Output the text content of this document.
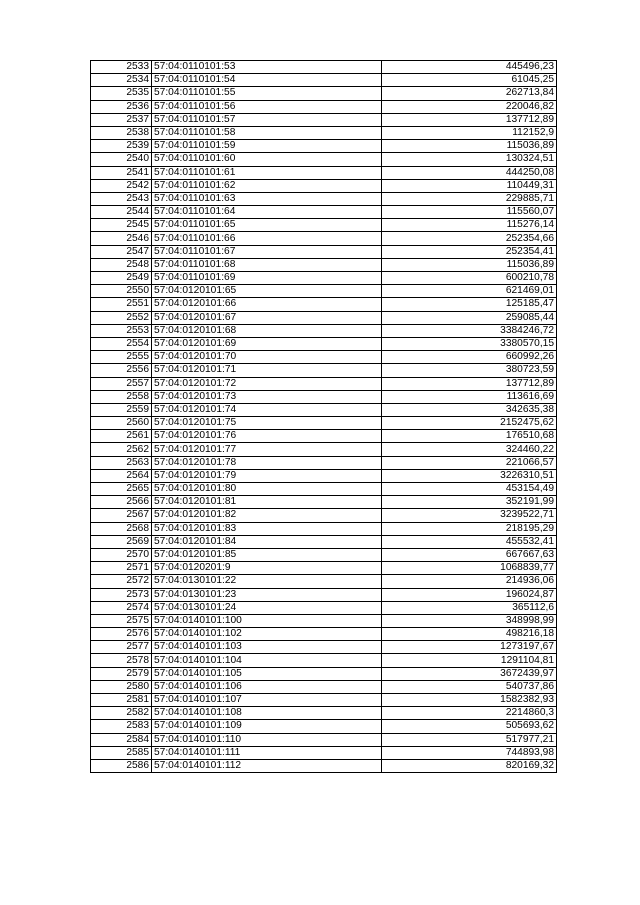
2533	57:04:0110101:53	445496,23
2534	57:04:0110101:54	61045,25
2535	57:04:0110101:55	262713,84
2536	57:04:0110101:56	220046,82
2537	57:04:0110101:57	137712,89
2538	57:04:0110101:58	112152,9
2539	57:04:0110101:59	115036,89
2540	57:04:0110101:60	130324,51
2541	57:04:0110101:61	444250,08
2542	57:04:0110101:62	110449,31
2543	57:04:0110101:63	229885,71
2544	57:04:0110101:64	115560,07
2545	57:04:0110101:65	115276,14
2546	57:04:0110101:66	252354,66
2547	57:04:0110101:67	252354,41
2548	57:04:0110101:68	115036,89
2549	57:04:0110101:69	600210,78
2550	57:04:0120101:65	621469,01
2551	57:04:0120101:66	125185,47
2552	57:04:0120101:67	259085,44
2553	57:04:0120101:68	3384246,72
2554	57:04:0120101:69	3380570,15
2555	57:04:0120101:70	660992,26
2556	57:04:0120101:71	380723,59
2557	57:04:0120101:72	137712,89
2558	57:04:0120101:73	113616,69
2559	57:04:0120101:74	342635,38
2560	57:04:0120101:75	2152475,62
2561	57:04:0120101:76	176510,68
2562	57:04:0120101:77	324460,22
2563	57:04:0120101:78	221066,57
2564	57:04:0120101:79	3226310,51
2565	57:04:0120101:80	453154,49
2566	57:04:0120101:81	352191,99
2567	57:04:0120101:82	3239522,71
2568	57:04:0120101:83	218195,29
2569	57:04:0120101:84	455532,41
2570	57:04:0120101:85	667667,63
2571	57:04:0120201:9	1068839,77
2572	57:04:0130101:22	214936,06
2573	57:04:0130101:23	196024,87
2574	57:04:0130101:24	365112,6
2575	57:04:0140101:100	348998,99
2576	57:04:0140101:102	498216,18
2577	57:04:0140101:103	1273197,67
2578	57:04:0140101:104	1291104,81
2579	57:04:0140101:105	3672439,97
2580	57:04:0140101:106	540737,86
2581	57:04:0140101:107	1582382,93
2582	57:04:0140101:108	2214860,3
2583	57:04:0140101:109	505693,62
2584	57:04:0140101:110	517977,21
2585	57:04:0140101:111	744893,98
2586	57:04:0140101:112	820169,32
